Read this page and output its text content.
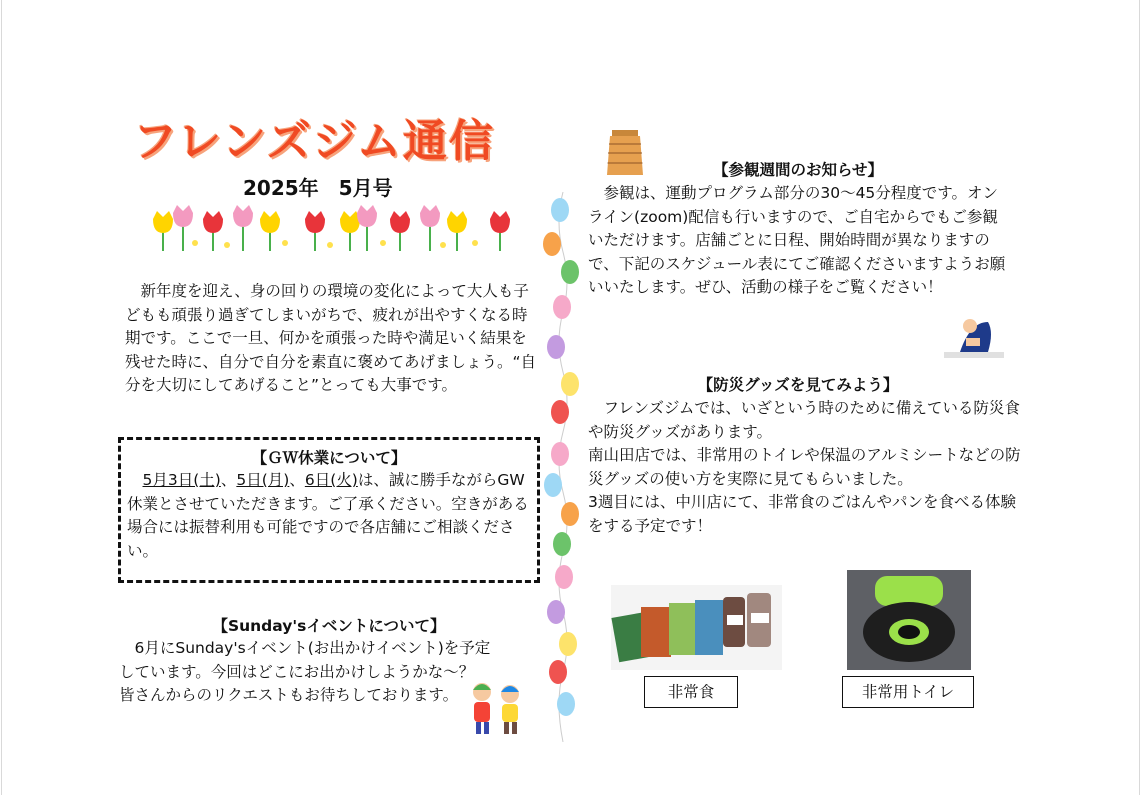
フレンズジム通信
2025年　5月号

　新年度を迎え、身の回りの環境の変化によって大人も子どもも頑張り過ぎてしまいがちで、疲れが出やすくなる時期です。ここで一旦、何かを頑張った時や満足いく結果を残せた時に、自分で自分を素直に褒めてあげましょう。“自分を大切にしてあげること”とっても大事です。

【ＧＷ休業について】

　5月3日(土)、5日(月)、6日(火)は、誠に勝手ながらGW休業とさせていただきます。ご了承ください。空きがある場合には振替利用も可能ですので各店舗にご相談ください。

【Sunday'sイベントについて】

　6月にSunday'sイベント(お出かけイベント)を予定しています。今回はどこにお出かけしようかな～？

皆さんからのリクエストもお待ちしております。

【参観週間のお知らせ】

　参観は、運動プログラム部分の30～45分程度です。オンライン(zoom)配信も行いますので、ご自宅からでもご参観いただけます。店舗ごとに日程、開始時間が異なりますので、下記のスケジュール表にてご確認くださいますようお願いいたします。ぜひ、活動の様子をご覧ください！

【防災グッズを見てみよう】

　フレンズジムでは、いざという時のために備えている防災食や防災グッズがあります。

南山田店では、非常用のトイレや保温のアルミシートなどの防災グッズの使い方を実際に見てもらいました。

3週目には、中川店にて、非常食のごはんやパンを食べる体験をする予定です！

非常食	非常用トイレ
